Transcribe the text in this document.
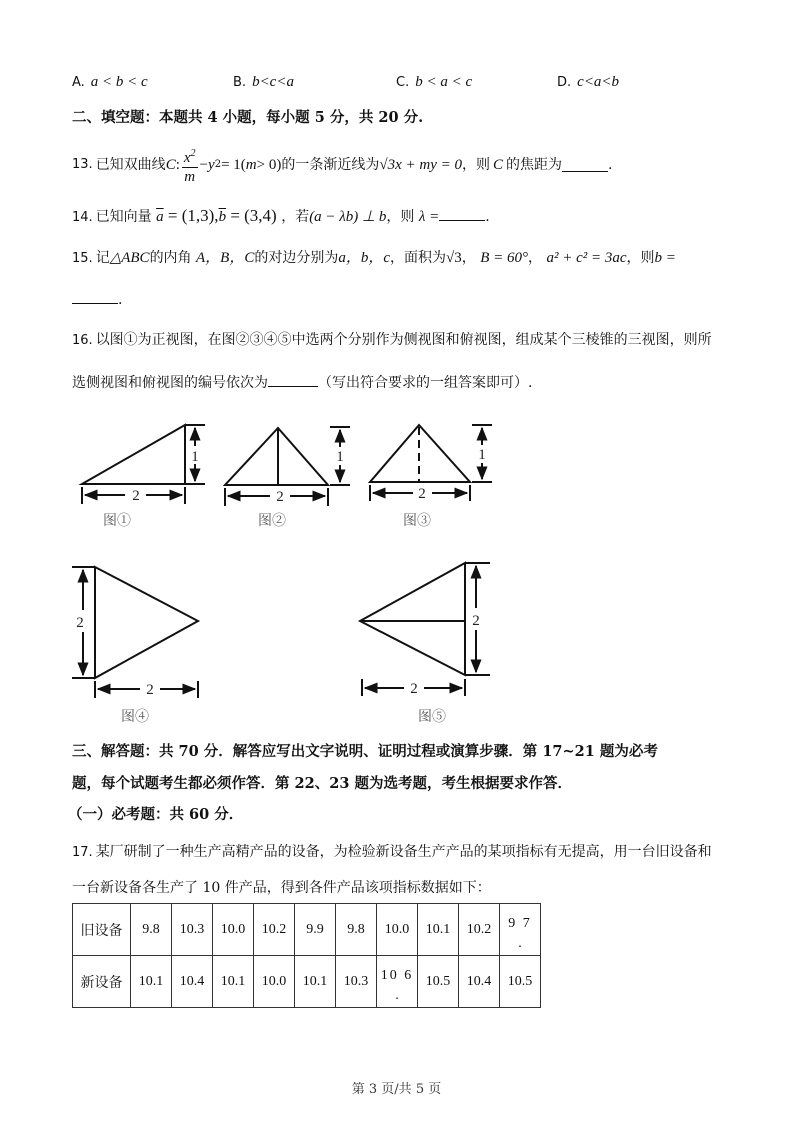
A. a < b < c	B. b<c<a	C. b < a < c	D. c<a<b
二、填空题：本题共 4 小题，每小题 5 分，共 20 分.
13. 已知双曲线 C : $\frac{x^2}{m} - y$ 2 = 1( m > 0) 的一条渐近线为 √3x + my = 0 ，则 C 的焦距为	.
14. 已知向量 $\overline{a} = (1,3),\overline{b} = (3,4)$ ，若(a − λb) ⊥ b，则 λ =	.
15. 记△ABC的内角 A，B，C的对边分别为a，b，c，面积为√3， B = 60°， a² + c² = 3ac，则b =
.
16. 以图①为正视图，在图②③④⑤中选两个分别作为侧视图和俯视图，组成某个三棱锥的三视图，则所
选侧视图和俯视图的编号依次为	（写出符合要求的一组答案即可）.
1
2
1
2
1
2
2
2
2
2
图①	图②	图③
图④	图⑤
三、解答题：共 70 分．解答应写出文字说明、证明过程或演算步骤．第 17~21 题为必考
题，每个试题考生都必须作答．第 22、23 题为选考题，考生根据要求作答．
（一）必考题：共 60 分．
17. 某厂研制了一种生产高精产品的设备，为检验新设备生产产品的某项指标有无提高，用一台旧设备和
一台新设备各生产了 10 件产品，得到各件产品该项指标数据如下：
旧设备	9.8	10.3	10.0	10.2	9.9	9.8	10.0	10.1	10.2	9 7
.

新设备	10.1	10.4	10.1	10.0	10.1	10.3	10 6
.	10.5	10.4	10.5
第 3 页/共 5 页
